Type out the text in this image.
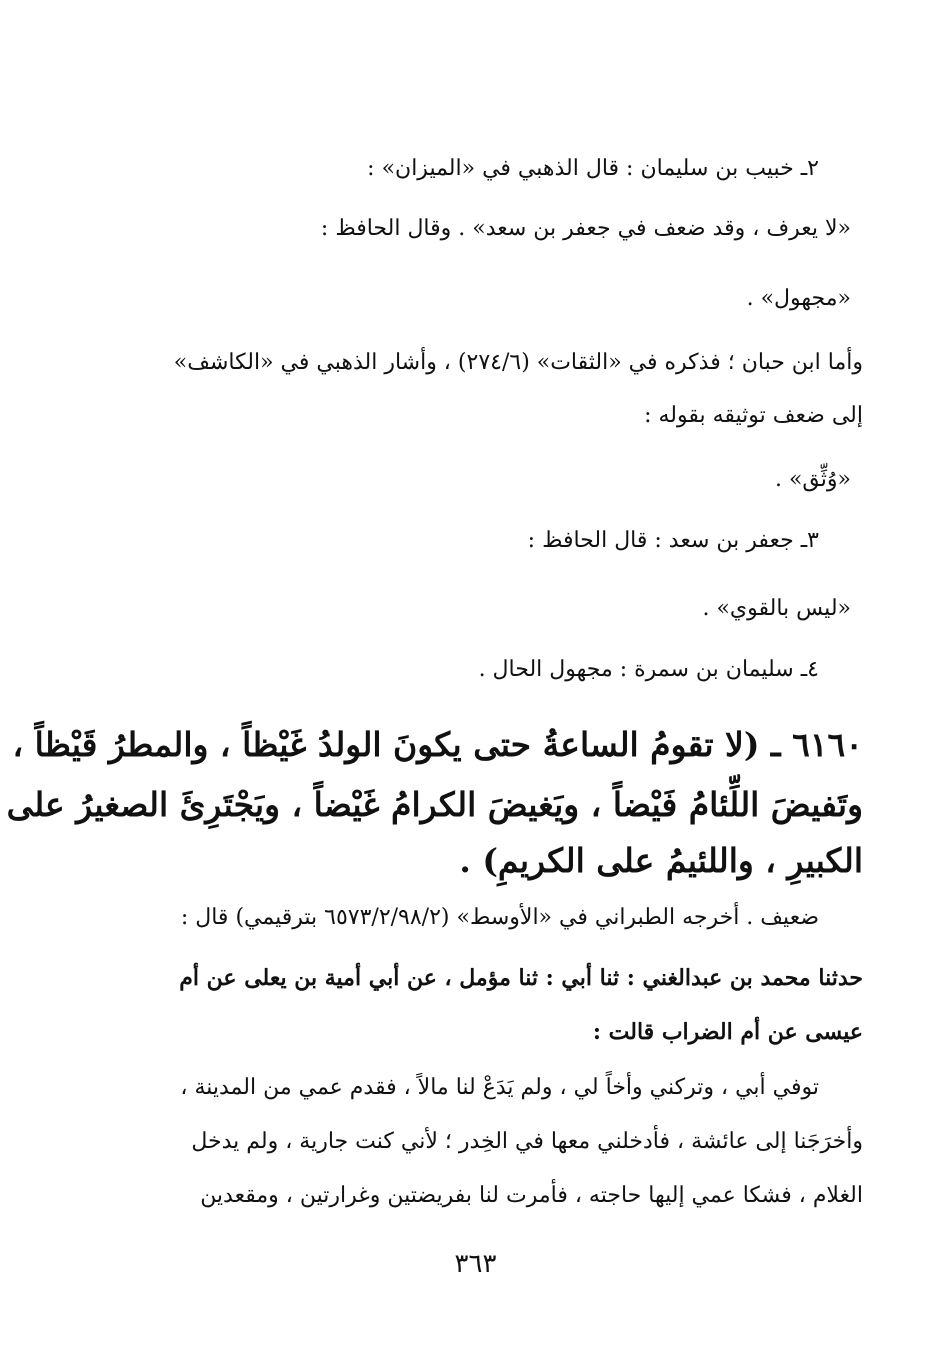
٢ـ خبيب بن سليمان : قال الذهبي في «الميزان» :
«لا يعرف ، وقد ضعف في جعفر بن سعد» . وقال الحافظ :
«مجهول» .
وأما ابن حبان ؛ فذكره في «الثقات» (٢٧٤/٦) ، وأشار الذهبي في «الكاشف»
إلى ضعف توثيقه بقوله :
«وُثِّق» .
٣ـ جعفر بن سعد : قال الحافظ :
«ليس بالقوي» .
٤ـ سليمان بن سمرة : مجهول الحال .
٦١٦٠ ـ (لا تقومُ الساعةُ حتى يكونَ الولدُ غَيْظاً ، والمطرُ قَيْظاً ،
وتَفيضَ اللِّئامُ فَيْضاً ، ويَغيضَ الكرامُ غَيْضاً ، ويَجْتَرِئَ الصغيرُ على
الكبيرِ ، واللئيمُ على الكريمِ) .
ضعيف . أخرجه الطبراني في «الأوسط» (٦٥٧٣/٢/٩٨/٢ بترقيمي) قال :
حدثنا محمد بن عبدالغني : ثنا أبي : ثنا مؤمل ، عن أبي أمية بن يعلى عن أم
عيسى عن أم الضراب قالت :
توفي أبي ، وتركني وأخاً لي ، ولم يَدَعْ لنا مالاً ، فقدم عمي من المدينة ،
وأخرَجَنا إلى عائشة ، فأدخلني معها في الخِدر ؛ لأني كنت جارية ، ولم يدخل
الغلام ، فشكا عمي إليها حاجته ، فأمرت لنا بفريضتين وغرارتين ، ومقعدين
٣٦٣
